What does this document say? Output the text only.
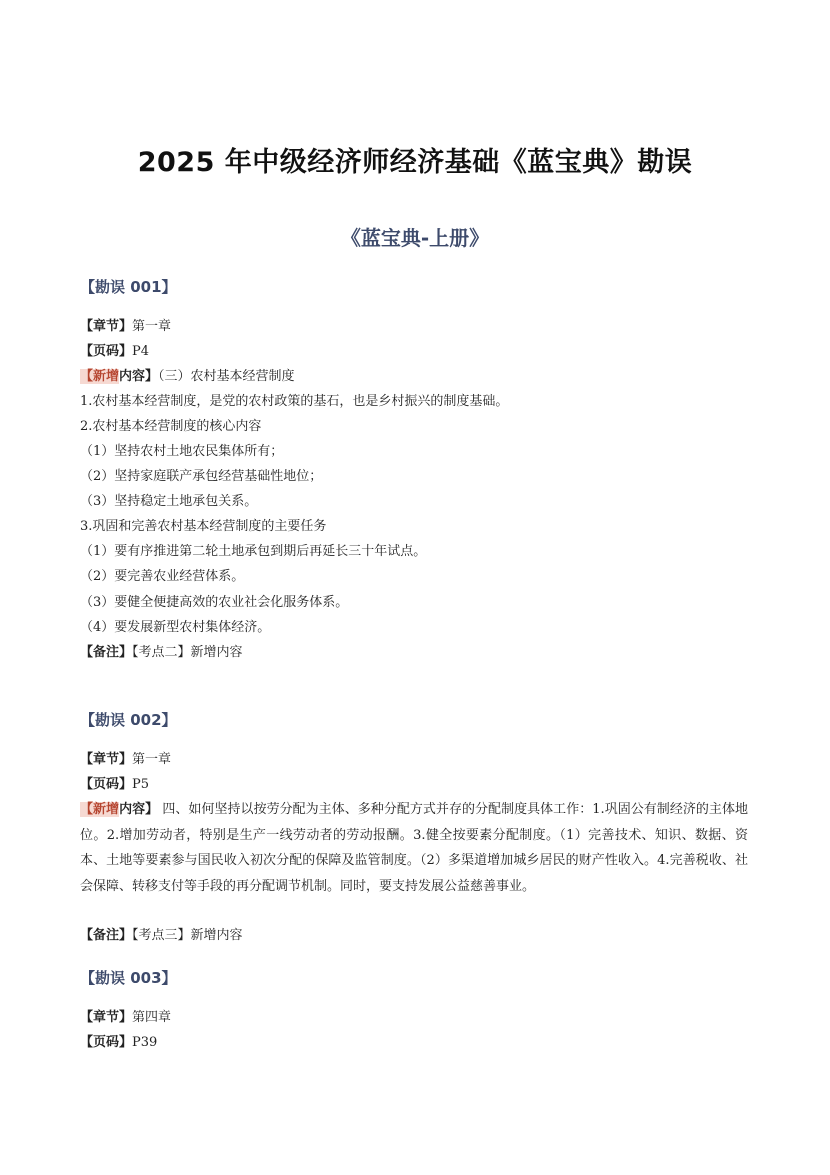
2025 年中级经济师经济基础《蓝宝典》勘误
《蓝宝典-上册》
【勘误 001】
【章节】第一章
【页码】P4
【新增内容】（三）农村基本经营制度
1.农村基本经营制度，是党的农村政策的基石，也是乡村振兴的制度基础。
2.农村基本经营制度的核心内容
（1）坚持农村土地农民集体所有；
（2）坚持家庭联产承包经营基础性地位；
（3）坚持稳定土地承包关系。
3.巩固和完善农村基本经营制度的主要任务
（1）要有序推进第二轮土地承包到期后再延长三十年试点。
（2）要完善农业经营体系。
（3）要健全便捷高效的农业社会化服务体系。
（4）要发展新型农村集体经济。
【备注】【考点二】新增内容
【勘误 002】
【章节】第一章
【页码】P5
【新增内容】 四、如何坚持以按劳分配为主体、多种分配方式并存的分配制度具体工作：1.巩固公有制经济的主体地位。2.增加劳动者，特别是生产一线劳动者的劳动报酬。3.健全按要素分配制度。（1）完善技术、知识、数据、资本、土地等要素参与国民收入初次分配的保障及监管制度。（2）多渠道增加城乡居民的财产性收入。4.完善税收、社会保障、转移支付等手段的再分配调节机制。同时，要支持发展公益慈善事业。
【备注】【考点三】新增内容
【勘误 003】
【章节】第四章
【页码】P39
